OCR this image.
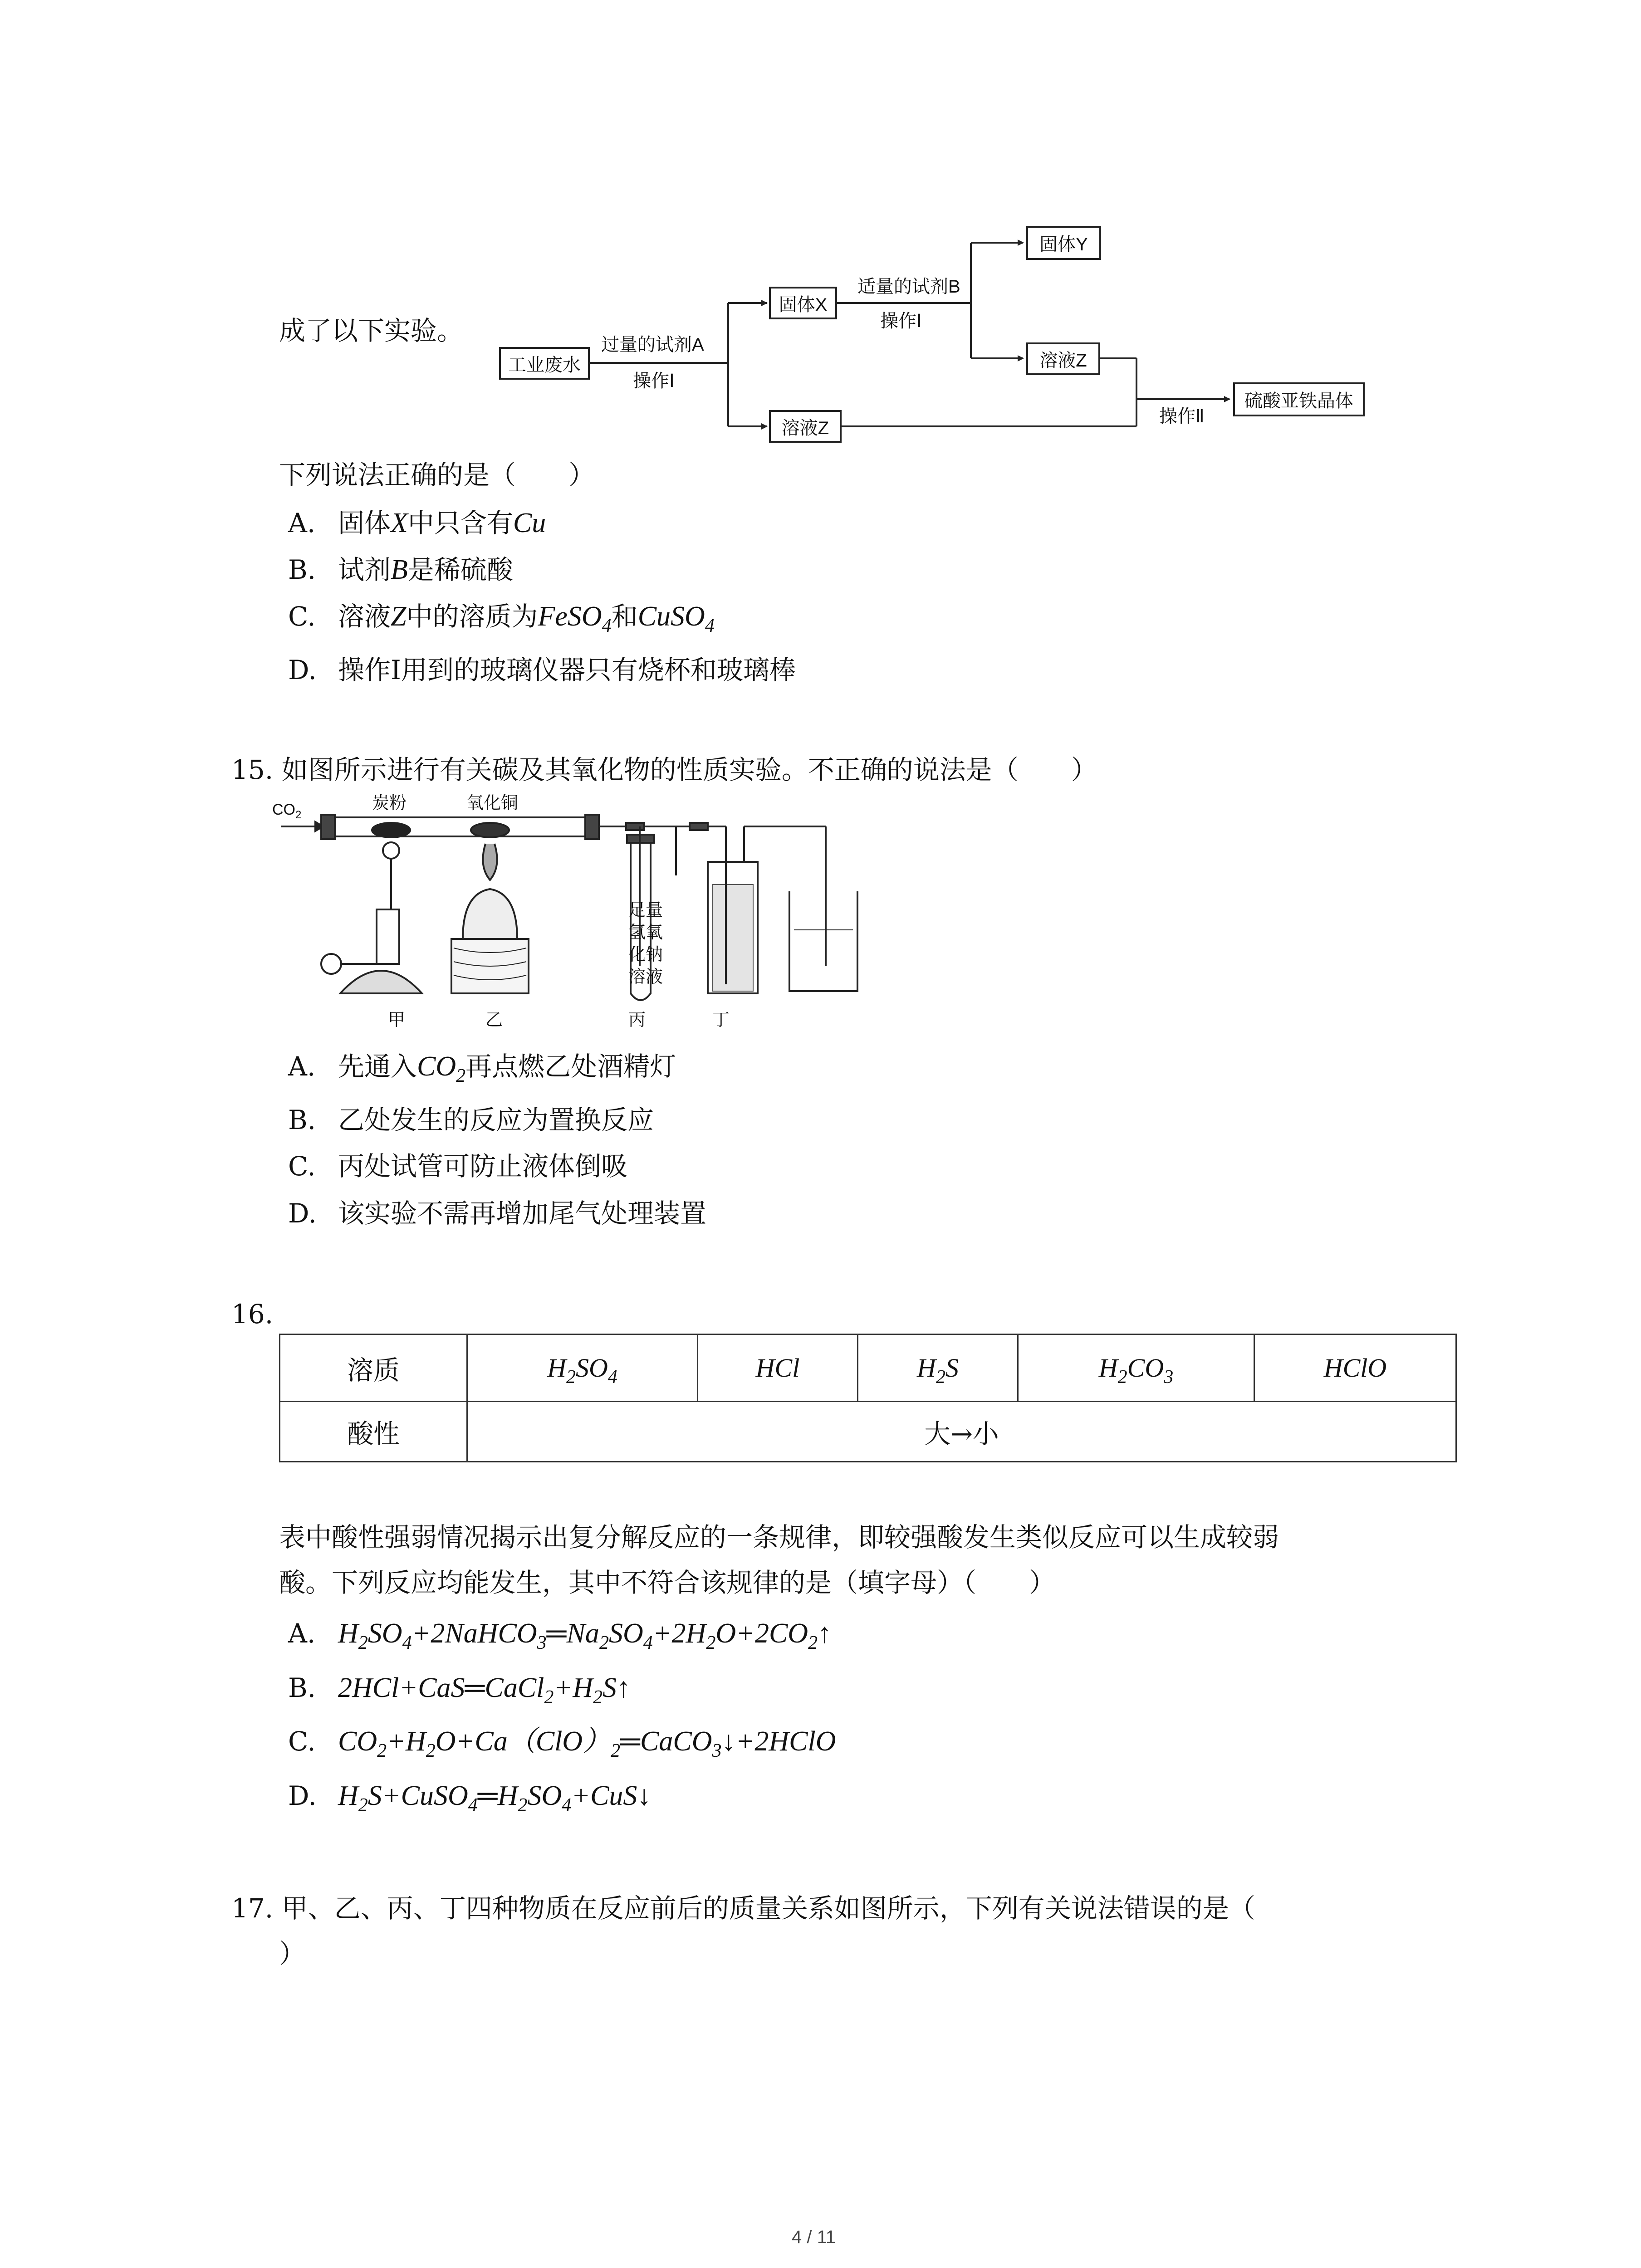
成了以下实验。
工业废水
过量的试剂A
操作Ⅰ
固体X
溶液Z
适量的试剂B
操作Ⅰ
固体Y
溶液Z
操作Ⅱ
硫酸亚铁晶体
下列说法正确的是（　　）
A. 固体X中只含有Cu
B. 试剂B是稀硫酸
C. 溶液Z中的溶质为FeSO$_4$和CuSO$_4$
D. 操作Ⅰ用到的玻璃仪器只有烧杯和玻璃棒
15. 如图所示进行有关碳及其氧化物的性质实验。不正确的说法是（　　）
$CO_2$
炭粉	氧化铜
足量
氢氧
化钠
溶液
甲	乙	丙	丁
A. 先通入$CO_2$再点燃乙处酒精灯
B. 乙处发生的反应为置换反应
C. 丙处试管可防止液体倒吸
D. 该实验不需再增加尾气处理装置
16.
溶质	$H_2SO_4$	HCl	$H_2S$	$H_2CO_3$	HClO
酸性	大→小				
表中酸性强弱情况揭示出复分解反应的一条规律，即较强酸发生类似反应可以生成较弱
酸。下列反应均能发生，其中不符合该规律的是（填字母）（　　）
A. $H_2SO_4+2NaHCO_3═Na_2SO_4+2H_2O+2CO_2↑$
B. $2HCl+CaS═CaCl_2+H_2S↑$
C. $CO_2+H_2O+Ca(ClO)_2═CaCO_3↓+2HClO$
D. $H_2S+CuSO_4═H_2SO_4+CuS↓$
17. 甲、乙、丙、丁四种物质在反应前后的质量关系如图所示，下列有关说法错误的是（
）
4 / 11
